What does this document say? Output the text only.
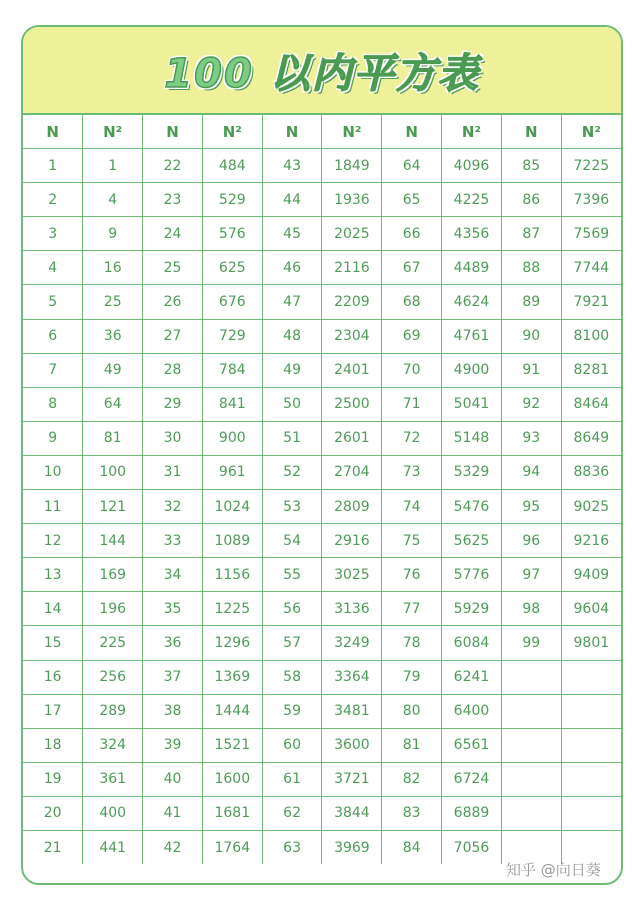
100 以内平方表
N	N²	N	N²	N	N²	N	N²	N	N²
1	1	22	484	43	1849	64	4096	85	7225
2	4	23	529	44	1936	65	4225	86	7396
3	9	24	576	45	2025	66	4356	87	7569
4	16	25	625	46	2116	67	4489	88	7744
5	25	26	676	47	2209	68	4624	89	7921
6	36	27	729	48	2304	69	4761	90	8100
7	49	28	784	49	2401	70	4900	91	8281
8	64	29	841	50	2500	71	5041	92	8464
9	81	30	900	51	2601	72	5148	93	8649
10	100	31	961	52	2704	73	5329	94	8836
11	121	32	1024	53	2809	74	5476	95	9025
12	144	33	1089	54	2916	75	5625	96	9216
13	169	34	1156	55	3025	76	5776	97	9409
14	196	35	1225	56	3136	77	5929	98	9604
15	225	36	1296	57	3249	78	6084	99	9801
16	256	37	1369	58	3364	79	6241		
17	289	38	1444	59	3481	80	6400		
18	324	39	1521	60	3600	81	6561		
19	361	40	1600	61	3721	82	6724		
20	400	41	1681	62	3844	83	6889		
21	441	42	1764	63	3969	84	7056		
知乎 @向日葵
